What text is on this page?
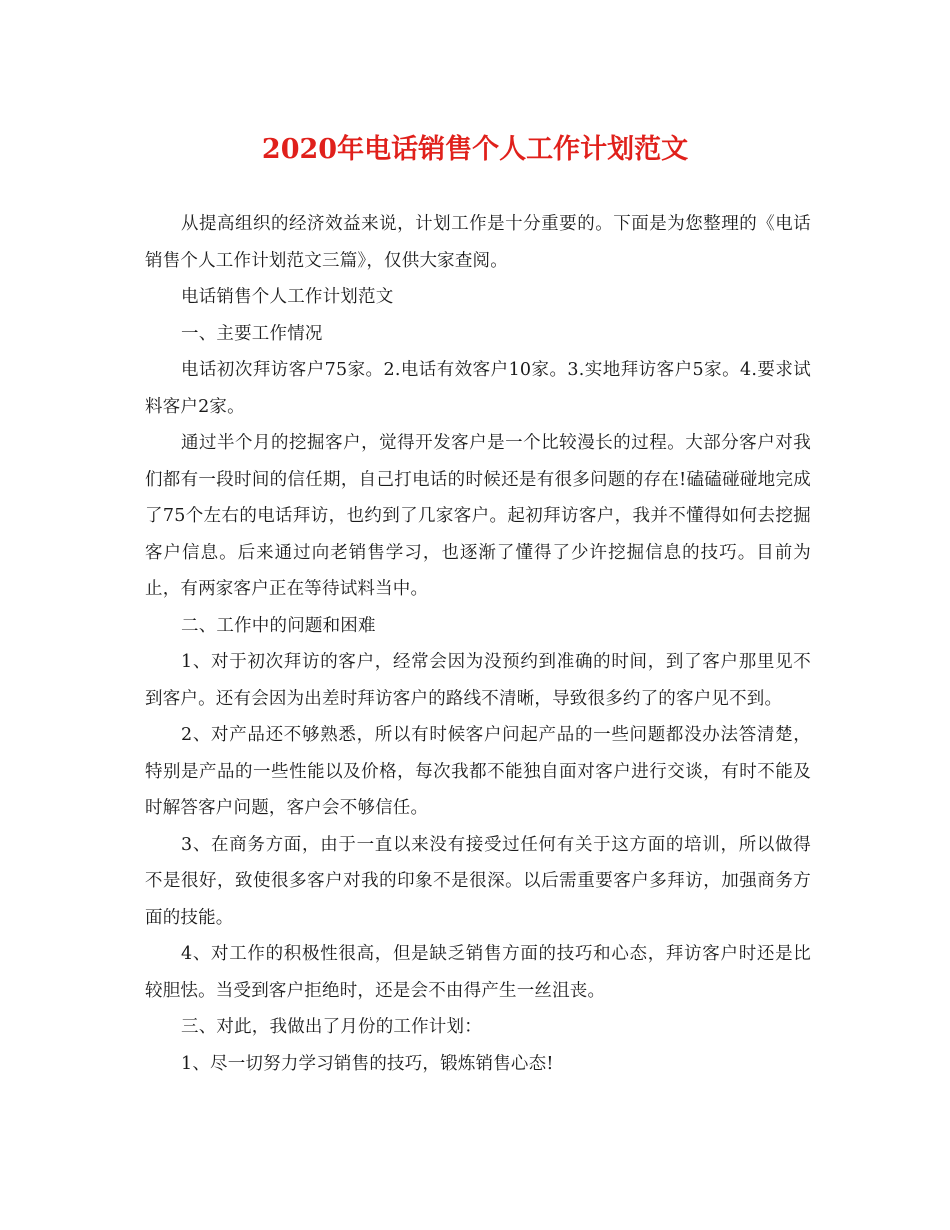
2020年电话销售个人工作计划范文

从提高组织的经济效益来说，计划工作是十分重要的。下面是为您整理的《电话销售个人工作计划范文三篇》，仅供大家查阅。

电话销售个人工作计划范文

一、主要工作情况

电话初次拜访客户75家。2.电话有效客户10家。3.实地拜访客户5家。4.要求试料客户2家。

通过半个月的挖掘客户，觉得开发客户是一个比较漫长的过程。大部分客户对我们都有一段时间的信任期，自己打电话的时候还是有很多问题的存在!磕磕碰碰地完成了75个左右的电话拜访，也约到了几家客户。起初拜访客户，我并不懂得如何去挖掘客户信息。后来通过向老销售学习，也逐渐了懂得了少许挖掘信息的技巧。目前为止，有两家客户正在等待试料当中。

二、工作中的问题和困难

1、对于初次拜访的客户，经常会因为没预约到准确的时间，到了客户那里见不到客户。还有会因为出差时拜访客户的路线不清晰，导致很多约了的客户见不到。

2、对产品还不够熟悉，所以有时候客户问起产品的一些问题都没办法答清楚，特别是产品的一些性能以及价格，每次我都不能独自面对客户进行交谈，有时不能及时解答客户问题，客户会不够信任。

3、在商务方面，由于一直以来没有接受过任何有关于这方面的培训，所以做得不是很好，致使很多客户对我的印象不是很深。以后需重要客户多拜访，加强商务方面的技能。

4、对工作的积极性很高，但是缺乏销售方面的技巧和心态，拜访客户时还是比较胆怯。当受到客户拒绝时，还是会不由得产生一丝沮丧。

三、对此，我做出了月份的工作计划：

1、尽一切努力学习销售的技巧，锻炼销售心态!
